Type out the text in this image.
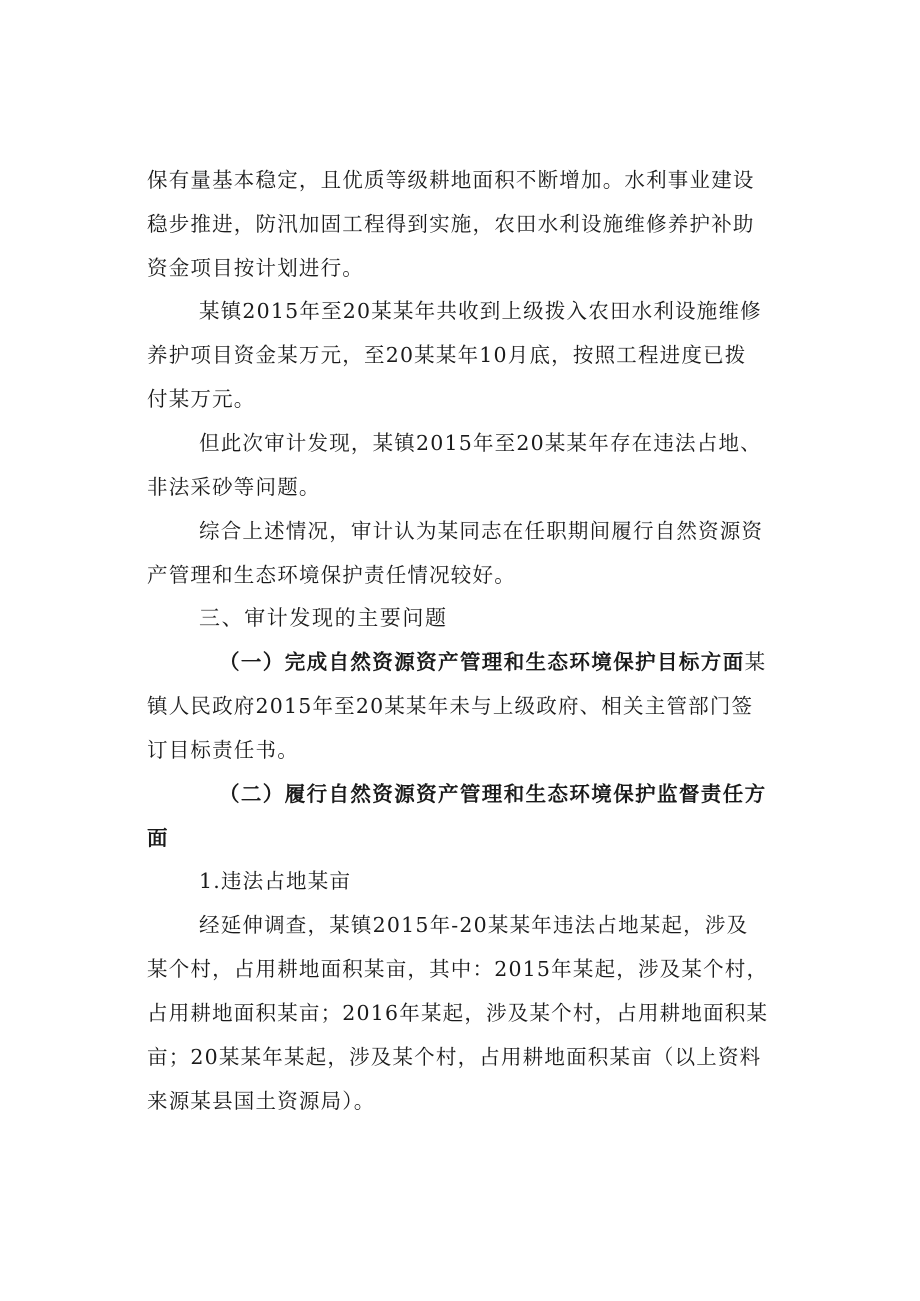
保有量基本稳定，且优质等级耕地面积不断增加。水利事业建设
稳步推进，防汛加固工程得到实施，农田水利设施维修养护补助
资金项目按计划进行。
某镇2015年至20某某年共收到上级拨入农田水利设施维修
养护项目资金某万元，至20某某年10月底，按照工程进度已拨
付某万元。
但此次审计发现，某镇2015年至20某某年存在违法占地、
非法采砂等问题。
综合上述情况，审计认为某同志在任职期间履行自然资源资
产管理和生态环境保护责任情况较好。
三、审计发现的主要问题
（一）完成自然资源资产管理和生态环境保护目标方面某
镇人民政府2015年至20某某年未与上级政府、相关主管部门签
订目标责任书。
（二）履行自然资源资产管理和生态环境保护监督责任方
面
1.违法占地某亩
经延伸调查，某镇2015年-20某某年违法占地某起，涉及
某个村，占用耕地面积某亩，其中：2015年某起，涉及某个村，
占用耕地面积某亩；2016年某起，涉及某个村，占用耕地面积某
亩；20某某年某起，涉及某个村，占用耕地面积某亩（以上资料
来源某县国土资源局）。
